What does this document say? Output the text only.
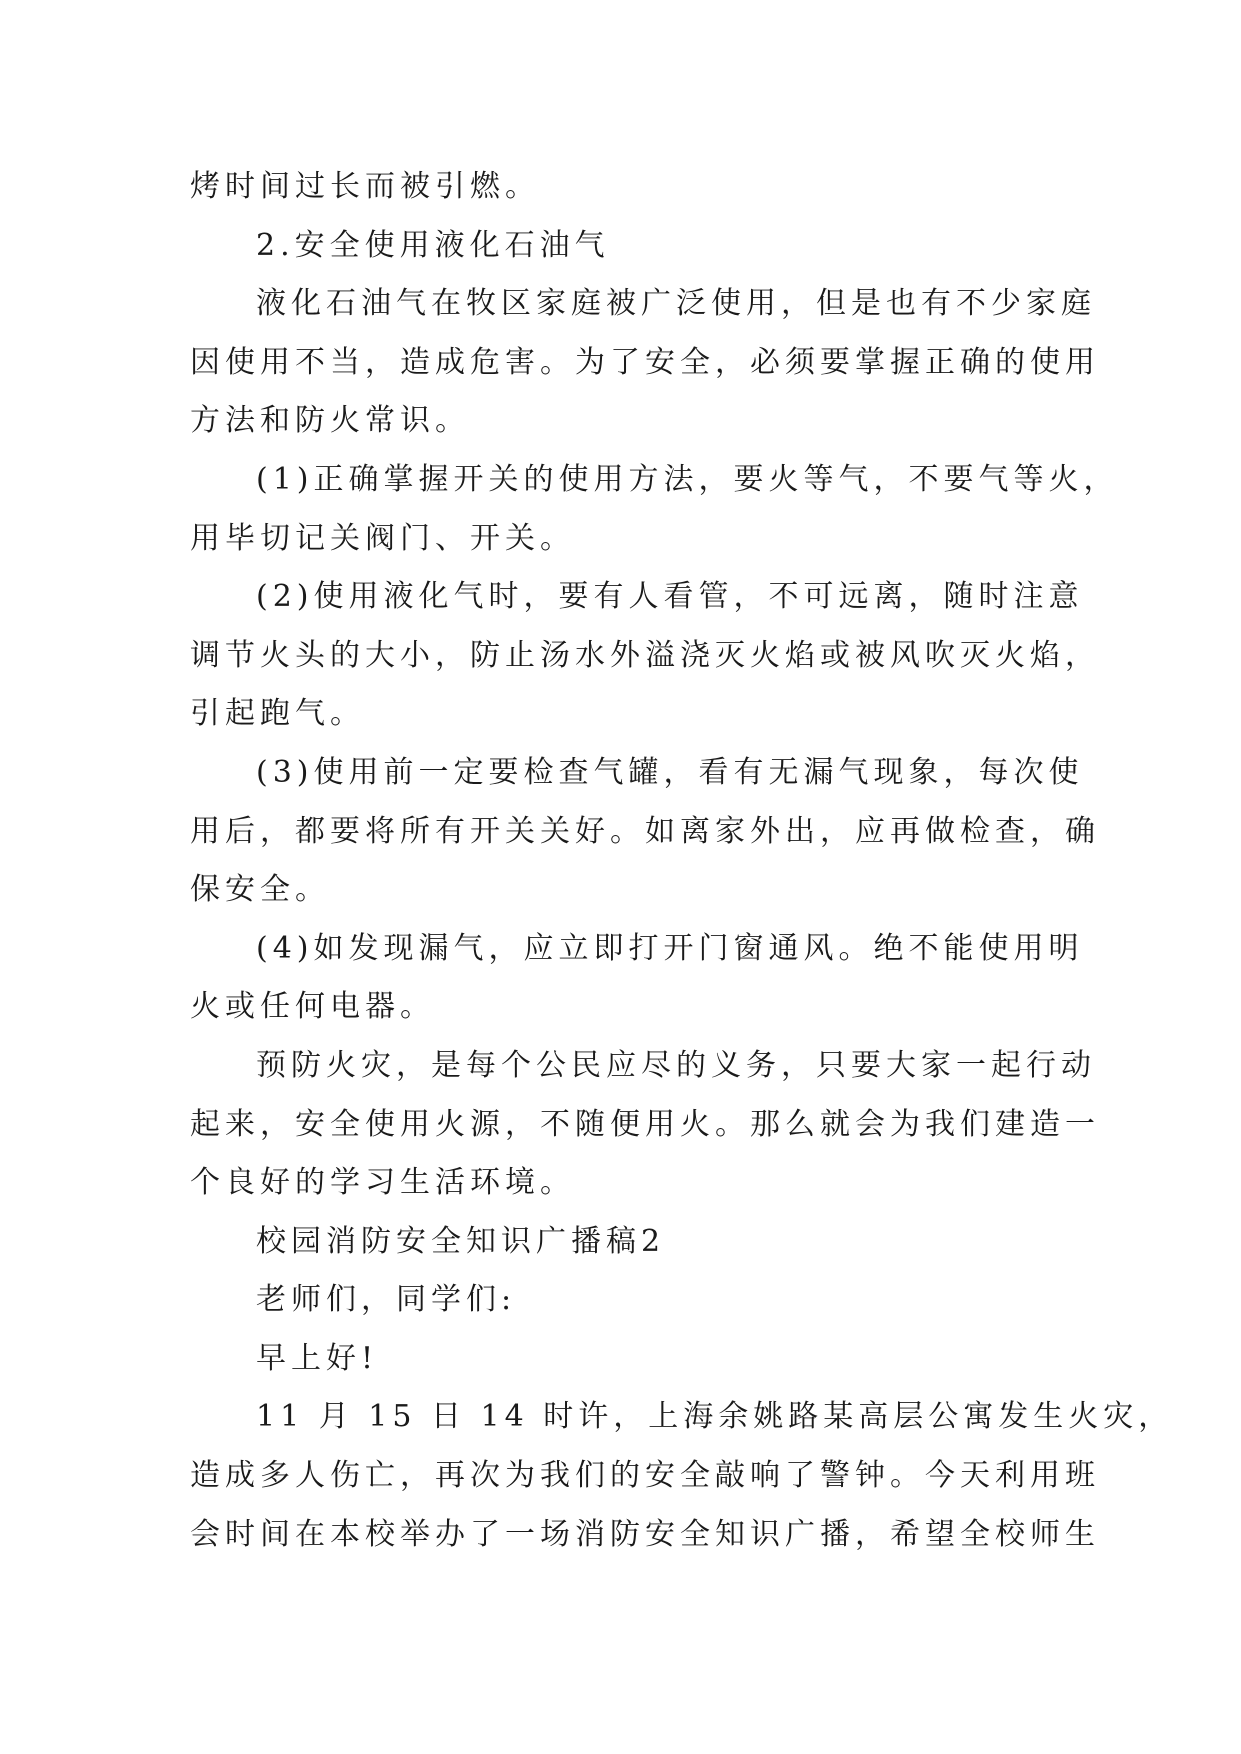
烤时间过长而被引燃。
2.安全使用液化石油气
液化石油气在牧区家庭被广泛使用，但是也有不少家庭
因使用不当，造成危害。为了安全，必须要掌握正确的使用
方法和防火常识。
(1)正确掌握开关的使用方法，要火等气，不要气等火，
用毕切记关阀门、开关。
(2)使用液化气时，要有人看管，不可远离，随时注意
调节火头的大小，防止汤水外溢浇灭火焰或被风吹灭火焰，
引起跑气。
(3)使用前一定要检查气罐，看有无漏气现象，每次使
用后，都要将所有开关关好。如离家外出，应再做检查，确
保安全。
(4)如发现漏气，应立即打开门窗通风。绝不能使用明
火或任何电器。
预防火灾，是每个公民应尽的义务，只要大家一起行动
起来，安全使用火源，不随便用火。那么就会为我们建造一
个良好的学习生活环境。
校园消防安全知识广播稿2
老师们，同学们:
早上好!
11 月 15 日 14 时许，上海余姚路某高层公寓发生火灾，
造成多人伤亡，再次为我们的安全敲响了警钟。今天利用班
会时间在本校举办了一场消防安全知识广播，希望全校师生
